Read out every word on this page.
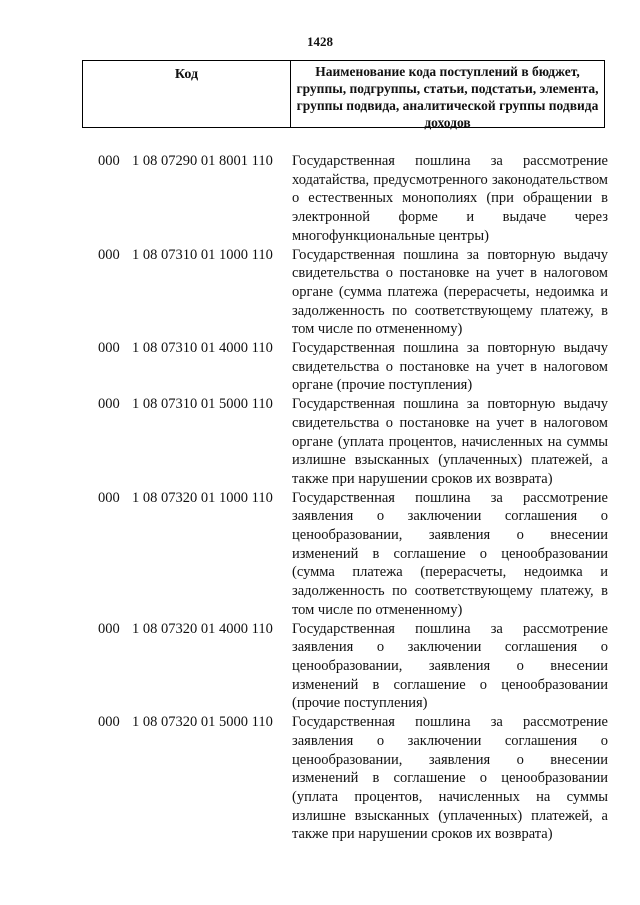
1428
Код	Наименование кода поступлений в бюджет, группы, подгруппы, статьи, подстатьи, элемента, группы подвида, аналитической группы подвида доходов
000 1 08 07290 01 8001 110	Государственная пошлина за рассмотрение ходатайства, предусмотренного законодательством о естественных монополиях (при обращении в электронной форме и выдаче через многофункциональные центры)
000 1 08 07310 01 1000 110	Государственная пошлина за повторную выдачу свидетельства о постановке на учет в налоговом органе (сумма платежа (перерасчеты, недоимка и задолженность по соответствующему платежу, в том числе по отмененному)
000 1 08 07310 01 4000 110	Государственная пошлина за повторную выдачу свидетельства о постановке на учет в налоговом органе (прочие поступления)
000 1 08 07310 01 5000 110	Государственная пошлина за повторную выдачу свидетельства о постановке на учет в налоговом органе (уплата процентов, начисленных на суммы излишне взысканных (уплаченных) платежей, а также при нарушении сроков их возврата)
000 1 08 07320 01 1000 110	Государственная пошлина за рассмотрение заявления о заключении соглашения о ценообразовании, заявления о внесении изменений в соглашение о ценообразовании (сумма платежа (перерасчеты, недоимка и задолженность по соответствующему платежу, в том числе по отмененному)
000 1 08 07320 01 4000 110	Государственная пошлина за рассмотрение заявления о заключении соглашения о ценообразовании, заявления о внесении изменений в соглашение о ценообразовании (прочие поступления)
000 1 08 07320 01 5000 110	Государственная пошлина за рассмотрение заявления о заключении соглашения о ценообразовании, заявления о внесении изменений в соглашение о ценообразовании (уплата процентов, начисленных на суммы излишне взысканных (уплаченных) платежей, а также при нарушении сроков их возврата)
